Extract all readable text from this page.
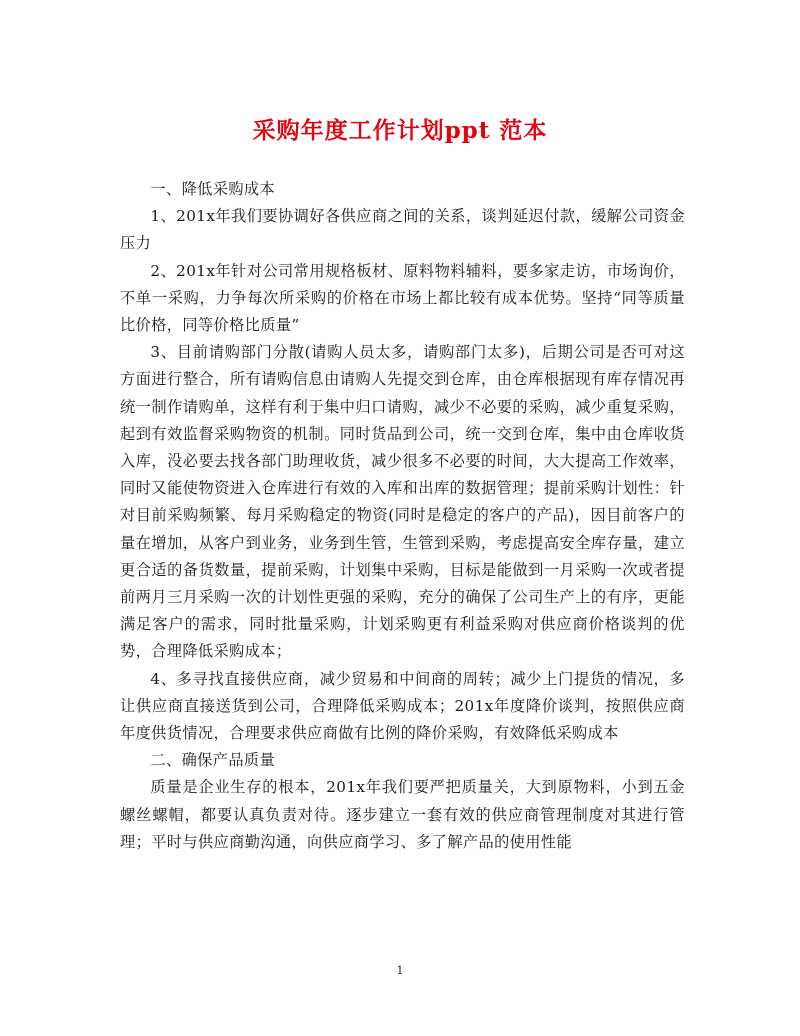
采购年度工作计划ppt 范本

一、降低采购成本

1、201x年我们要协调好各供应商之间的关系，谈判延迟付款，缓解公司资金压力

2、201x年针对公司常用规格板材、原料物料辅料，要多家走访，市场询价，不单一采购，力争每次所采购的价格在市场上都比较有成本优势。坚持“同等质量比价格，同等价格比质量”

3、目前请购部门分散(请购人员太多，请购部门太多)，后期公司是否可对这方面进行整合，所有请购信息由请购人先提交到仓库，由仓库根据现有库存情况再统一制作请购单，这样有利于集中归口请购，减少不必要的采购，减少重复采购，起到有效监督采购物资的机制。同时货品到公司，统一交到仓库，集中由仓库收货入库，没必要去找各部门助理收货，减少很多不必要的时间，大大提高工作效率，同时又能使物资进入仓库进行有效的入库和出库的数据管理；提前采购计划性：针对目前采购频繁、每月采购稳定的物资(同时是稳定的客户的产品)，因目前客户的量在增加，从客户到业务，业务到生管，生管到采购，考虑提高安全库存量，建立更合适的备货数量，提前采购，计划集中采购，目标是能做到一月采购一次或者提前两月三月采购一次的计划性更强的采购，充分的确保了公司生产上的有序，更能满足客户的需求，同时批量采购，计划采购更有利益采购对供应商价格谈判的优势，合理降低采购成本；

4、多寻找直接供应商，减少贸易和中间商的周转；减少上门提货的情况，多让供应商直接送货到公司，合理降低采购成本；201x年度降价谈判，按照供应商年度供货情况，合理要求供应商做有比例的降价采购，有效降低采购成本

二、确保产品质量

质量是企业生存的根本，201x年我们要严把质量关，大到原物料，小到五金螺丝螺帽，都要认真负责对待。逐步建立一套有效的供应商管理制度对其进行管理；平时与供应商勤沟通，向供应商学习、多了解产品的使用性能

1
